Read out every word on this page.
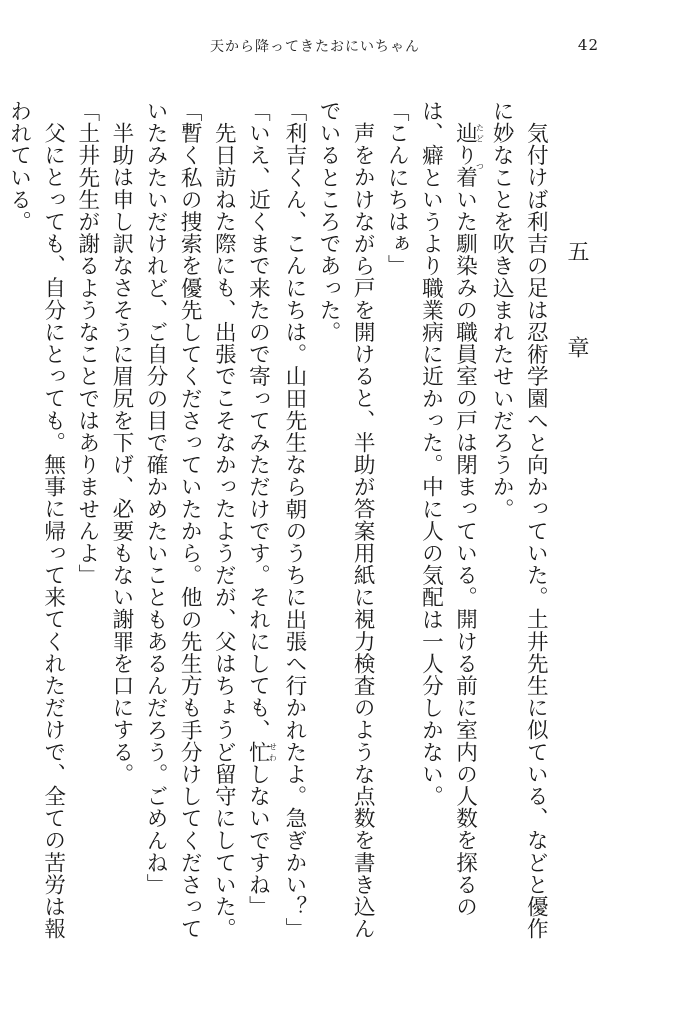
天から降ってきたおにいちゃん	42
五　章

気付けば利吉の足は忍術学園へと向かっていた。土井先生に似ている、などと優作に妙なことを吹き込まれたせいだろうか。

辿たどり着ついた馴染みの職員室の戸は閉まっている。開ける前に室内の人数を探るのは、癖というより職業病に近かった。中に人の気配は一人分しかない。

「こんにちはぁ」

声をかけながら戸を開けると、半助が答案用紙に視力検査のような点数を書き込んでいるところであった。

「利吉くん、こんにちは。山田先生なら朝のうちに出張へ行かれたよ。急ぎかい？」

「いえ、近くまで来たので寄ってみただけです。それにしても、忙せわしないですね」

先日訪ねた際にも、出張でこそなかったようだが、父はちょうど留守にしていた。

「暫く私の捜索を優先してくださっていたから。他の先生方も手分けしてくださっていたみたいだけれど、ご自分の目で確かめたいこともあるんだろう。ごめんね」

半助は申し訳なさそうに眉尻を下げ、必要もない謝罪を口にする。

「土井先生が謝るようなことではありませんよ」

父にとっても、自分にとっても。無事に帰って来てくれただけで、全ての苦労は報われている。
